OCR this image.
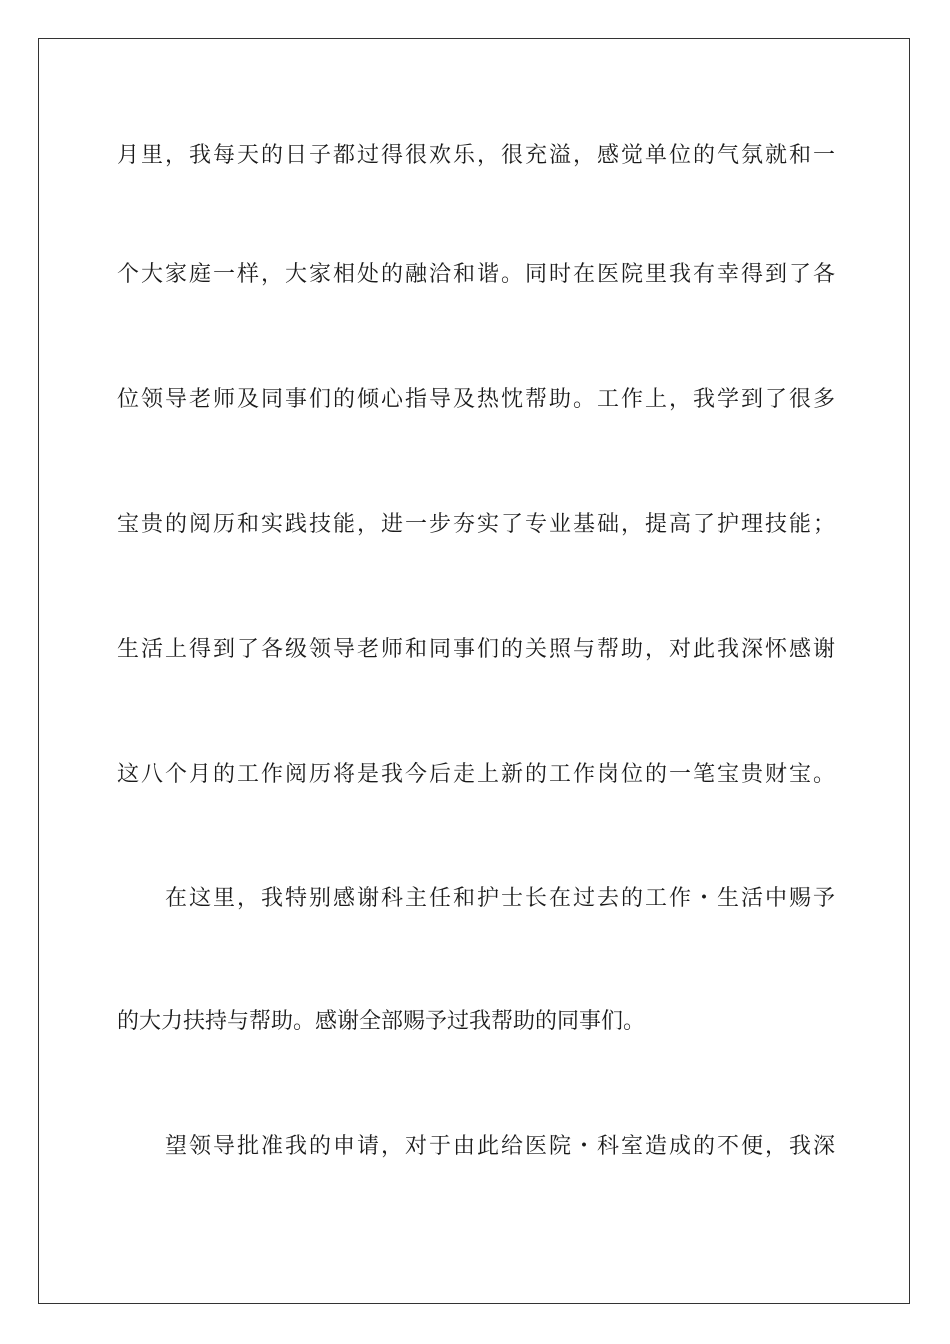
月里，我每天的日子都过得很欢乐，很充溢，感觉单位的气氛就和一
个大家庭一样，大家相处的融洽和谐。同时在医院里我有幸得到了各
位领导老师及同事们的倾心指导及热忱帮助。工作上，我学到了很多
宝贵的阅历和实践技能，进一步夯实了专业基础，提高了护理技能；
生活上得到了各级领导老师和同事们的关照与帮助，对此我深怀感谢
这八个月的工作阅历将是我今后走上新的工作岗位的一笔宝贵财宝。
在这里，我特别感谢科主任和护士长在过去的工作・生活中赐予
的大力扶持与帮助。感谢全部赐予过我帮助的同事们。
望领导批准我的申请，对于由此给医院・科室造成的不便，我深
